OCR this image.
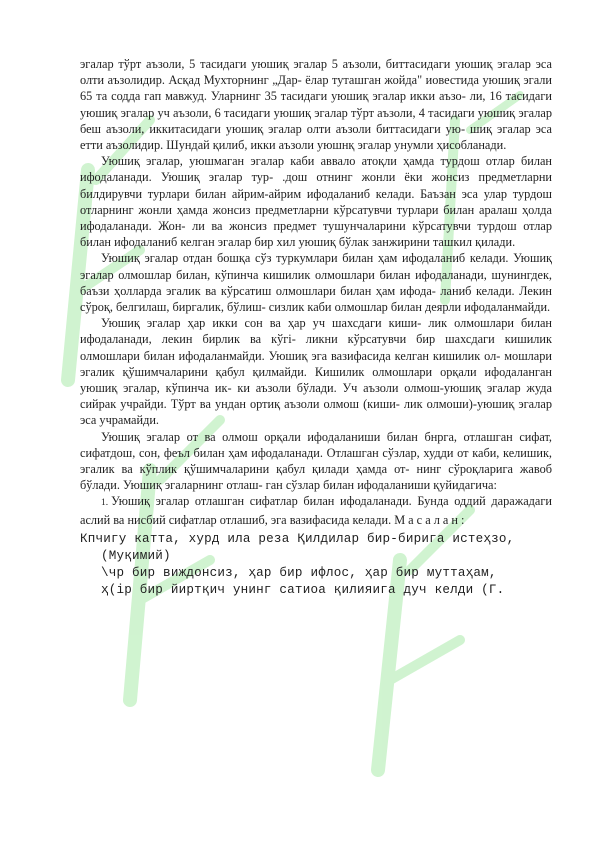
эгалар тўрт аъзоли, 5 тасидаги уюшиқ эгалар 5 аъзоли, биттасидаги уюшиқ эгалар эса олти аъзолидир. Асқад Мухторнинг „Дар- ёлар туташган жойда" иовестида уюшиқ эгали 65 та содда гап мавжуд. Уларнинг 35 тасидаги уюшиқ эгалар икки аъзо- ли, 16 тасидаги уюшиқ эгалар уч аъзоли, 6 тасидаги уюшиқ эгалар тўрт аъзоли, 4 тасидаги уюшиқ эгалар беш аъзоли, иккитасидаги уюшиқ эгалар олти аъзоли биттасидаги ую- шиқ эгалар эса етти аъзолидир. Шундай қилиб, икки аъзоли уюшнқ эгалар унумли ҳисобланади.

Уюшиқ эгалар, уюшмаган эгалар каби аввало атоқли ҳамда турдош отлар билан ифодаланади. Уюшиқ эгалар тур- .дош отнинг жонли ёки жонсиз предметларни билдирувчи турлари билан айрим-айрим ифодаланиб келади. Баъзан эса улар турдош отларнинг жонли ҳамда жонсиз предметларни кўрсатувчи турлари билан аралаш ҳолда ифодаланади. Жон- ли ва жонсиз предмет тушунчаларини кўрсатувчи турдош отлар билан ифодаланиб келган эгалар бир хил уюшиқ бўлак занжирини ташкил қилади.

Уюшиқ эгалар отдан бошқа сўз туркумлари билан ҳам ифодаланиб келади. Уюшиқ эгалар олмошлар билан, кўпинча кишилик олмошлари билан ифодаланади, шунингдек, баъзи ҳолларда эгалик ва кўрсатиш олмошлари билан ҳам ифода- ланиб келади. Лекин сўроқ, белгилаш, биргалик, бўлиш- сизлик каби олмошлар билан деярли ифодаланмайди.

Уюшиқ эгалар ҳар икки сон ва ҳар уч шахсдаги киши- лик олмошлари билан ифодаланади, лекин бирлик ва кўгі- ликни кўрсатувчи бир шахсдаги кишилик олмошлари билан ифодаланмайди. Уюшиқ эга вазифасида келган кишилик ол- мошлари эгалик қўшимчаларини қабул қилмайди. Кишилик олмошлари орқали ифодаланган уюшиқ эгалар, кўпинча ик- ки аъзоли бўлади. Уч аъзоли олмош-уюшиқ эгалар жуда сийрак учрайди. Тўрт ва ундан ортиқ аъзоли олмош (киши- лик олмоши)-уюшиқ эгалар эса учрамайди.

Уюшиқ эгалар от ва олмош орқали ифодаланиши билан бнрга, отлашган сифат, сифатдош, сон, феъл билан ҳам ифодаланади. Отлашган сўзлар, худди от каби, келишик, эгалик ва кўплик қўшимчаларини қабул қилади ҳамда от- нинг сўроқларига жавоб бўлади. Уюшиқ эгаларнинг отлаш- ган сўзлар билан ифодаланиши қуйидагича:

1. Уюшиқ эгалар отлашган сифатлар билан ифодаланади. Бунда оддий даражадаги аслий ва нисбий сифатлар отлашиб, эга вазифасида келади. Масалан:

Кпчигу катта, хурд ила реза Қилдилар бир-бирига истеҳзо,

(Муқимий)

\чр бир виждонсиз, ҳар бир ифлос, ҳар бир муттаҳам,

ҳ(ір бир йиртқич унинг сатиоа қилияига дуч келди (Г.
